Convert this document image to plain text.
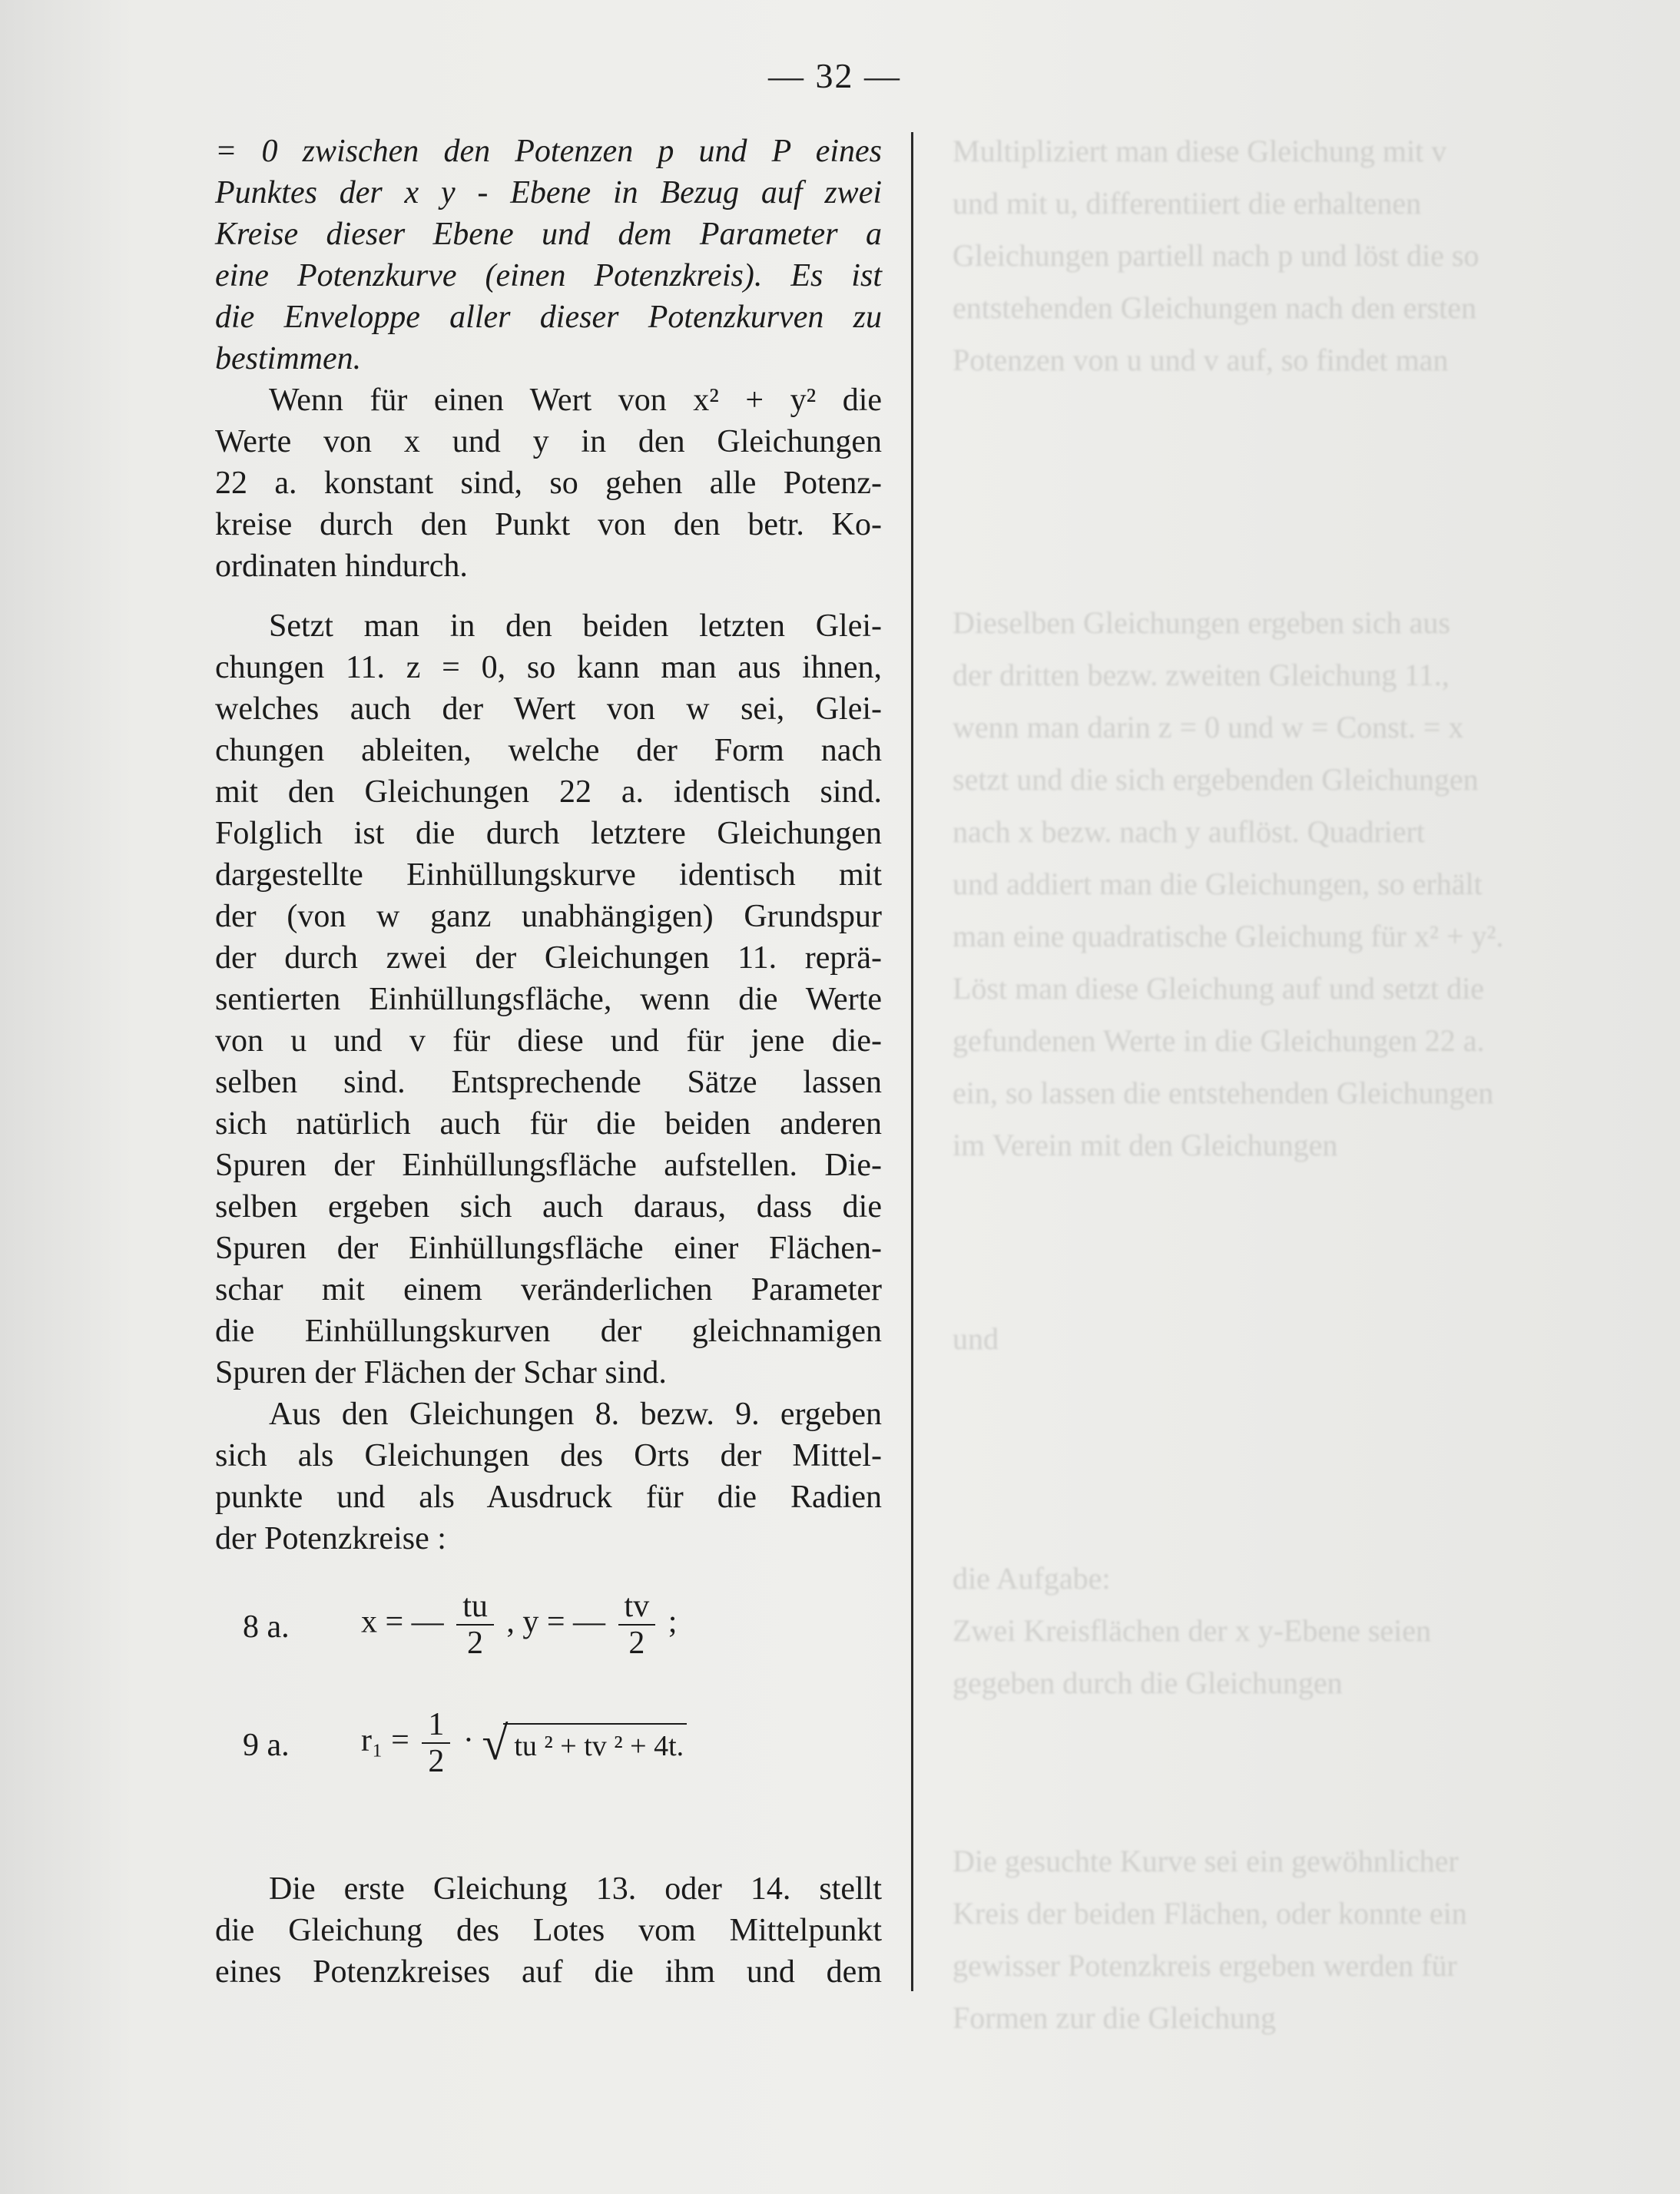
Multipliziert man diese Gleichung mit v

und mit u, differentiiert die erhaltenen

Gleichungen partiell nach p und löst die so

entstehenden Gleichungen nach den ersten

Potenzen von u und v auf, so findet man

Dieselben Gleichungen ergeben sich aus

der dritten bezw. zweiten Gleichung 11.,

wenn man darin z = 0 und w = Const. = x

setzt und die sich ergebenden Gleichungen

nach x bezw. nach y auflöst. Quadriert

und addiert man die Gleichungen, so erhält

man eine quadratische Gleichung für x² + y².

Löst man diese Gleichung auf und setzt die

gefundenen Werte in die Gleichungen 22 a.

ein, so lassen die entstehenden Gleichungen

im Verein mit den Gleichungen

und

die Aufgabe:

Zwei Kreisflächen der x y-Ebene seien

gegeben durch die Gleichungen

Die gesuchte Kurve sei ein gewöhnlicher

Kreis der beiden Flächen, oder konnte ein

gewisser Potenzkreis ergeben werden für

Formen zur die Gleichung

— 32 —
= 0 zwischen den Potenzen p und P eines
Punktes der x y - Ebene in Bezug auf zwei
Kreise dieser Ebene und dem Parameter a
eine Potenzkurve (einen Potenzkreis). Es ist
die Enveloppe aller dieser Potenzkurven zu
bestimmen.
Wenn für einen Wert von x² + y² die
Werte von x und y in den Gleichungen
22 a. konstant sind, so gehen alle Potenz-
kreise durch den Punkt von den betr. Ko-
ordinaten hindurch.
Setzt man in den beiden letzten Glei-
chungen 11. z = 0, so kann man aus ihnen,
welches auch der Wert von w sei, Glei-
chungen ableiten, welche der Form nach
mit den Gleichungen 22 a. identisch sind.
Folglich ist die durch letztere Gleichungen
dargestellte Einhüllungskurve identisch mit
der (von w ganz unabhängigen) Grundspur
der durch zwei der Gleichungen 11. reprä-
sentierten Einhüllungsfläche, wenn die Werte
von u und v für diese und für jene die-
selben sind. Entsprechende Sätze lassen
sich natürlich auch für die beiden anderen
Spuren der Einhüllungsfläche aufstellen. Die-
selben ergeben sich auch daraus, dass die
Spuren der Einhüllungsfläche einer Flächen-
schar mit einem veränderlichen Parameter
die Einhüllungskurven der gleichnamigen
Spuren der Flächen der Schar sind.
Aus den Gleichungen 8. bezw. 9. ergeben
sich als Gleichungen des Orts der Mittel-
punkte und als Ausdruck für die Radien
der Potenzkreise :
8 a. x = — $\frac{tu}{2}$ , y = — $\frac{tv}{2}$ ;
9 a. $r_1 = \frac{1}{2}$ · √ tu ² + tv ² + 4t.
Die erste Gleichung 13. oder 14. stellt
die Gleichung des Lotes vom Mittelpunkt
eines Potenzkreises auf die ihm und dem
